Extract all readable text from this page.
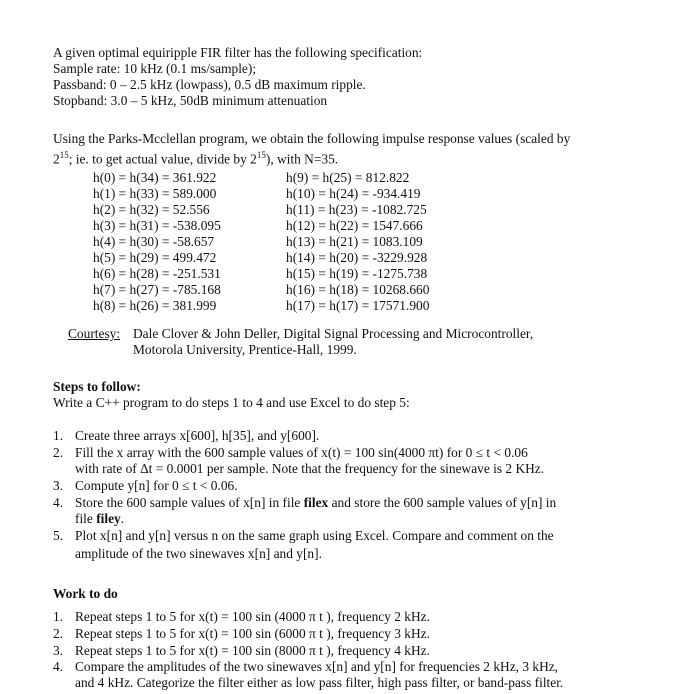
A given optimal equiripple FIR filter has the following specification:
Sample rate: 10 kHz (0.1 ms/sample);
Passband: 0 – 2.5 kHz (lowpass), 0.5 dB maximum ripple.
Stopband: 3.0 – 5 kHz, 50dB minimum attenuation
Using the Parks-Mcclellan program, we obtain the following impulse response values (scaled by
$2^{15}$; ie. to get actual value, divide by $2^{15}$), with N=35.
h(0) = h(34) = 361.922
h(1) = h(33) = 589.000
h(2) = h(32) = 52.556
h(3) = h(31) = -538.095
h(4) = h(30) = -58.657
h(5) = h(29) = 499.472
h(6) = h(28) = -251.531
h(7) = h(27) = -785.168
h(8) = h(26) = 381.999
h(9) = h(25) = 812.822
h(10) = h(24) = -934.419
h(11) = h(23) = -1082.725
h(12) = h(22) = 1547.666
h(13) = h(21) = 1083.109
h(14) = h(20) = -3229.928
h(15) = h(19) = -1275.738
h(16) = h(18) = 10268.660
h(17) = h(17) = 17571.900
Courtesy: Dale Clover & John Deller, Digital Signal Processing and Microcontroller,
Motorola University, Prentice-Hall, 1999.
Steps to follow:
Write a C++ program to do steps 1 to 4 and use Excel to do step 5:
1. Create three arrays x[600], h[35], and y[600].
2. Fill the x array with the 600 sample values of x(t) = 100 sin(4000 πt) for 0 ≤ t < 0.06
with rate of Δt = 0.0001 per sample. Note that the frequency for the sinewave is 2 KHz.
3. Compute y[n] for 0 ≤ t < 0.06.
4. Store the 600 sample values of x[n] in file filex and store the 600 sample values of y[n] in
file filey.
5. Plot x[n] and y[n] versus n on the same graph using Excel. Compare and comment on the
amplitude of the two sinewaves x[n] and y[n].
Work to do
1. Repeat steps 1 to 5 for x(t) = 100 sin (4000 π t ), frequency 2 kHz.
2. Repeat steps 1 to 5 for x(t) = 100 sin (6000 π t ), frequency 3 kHz.
3. Repeat steps 1 to 5 for x(t) = 100 sin (8000 π t ), frequency 4 kHz.
4. Compare the amplitudes of the two sinewaves x[n] and y[n] for frequencies 2 kHz, 3 kHz,
and 4 kHz. Categorize the filter either as low pass filter, high pass filter, or band-pass filter.
